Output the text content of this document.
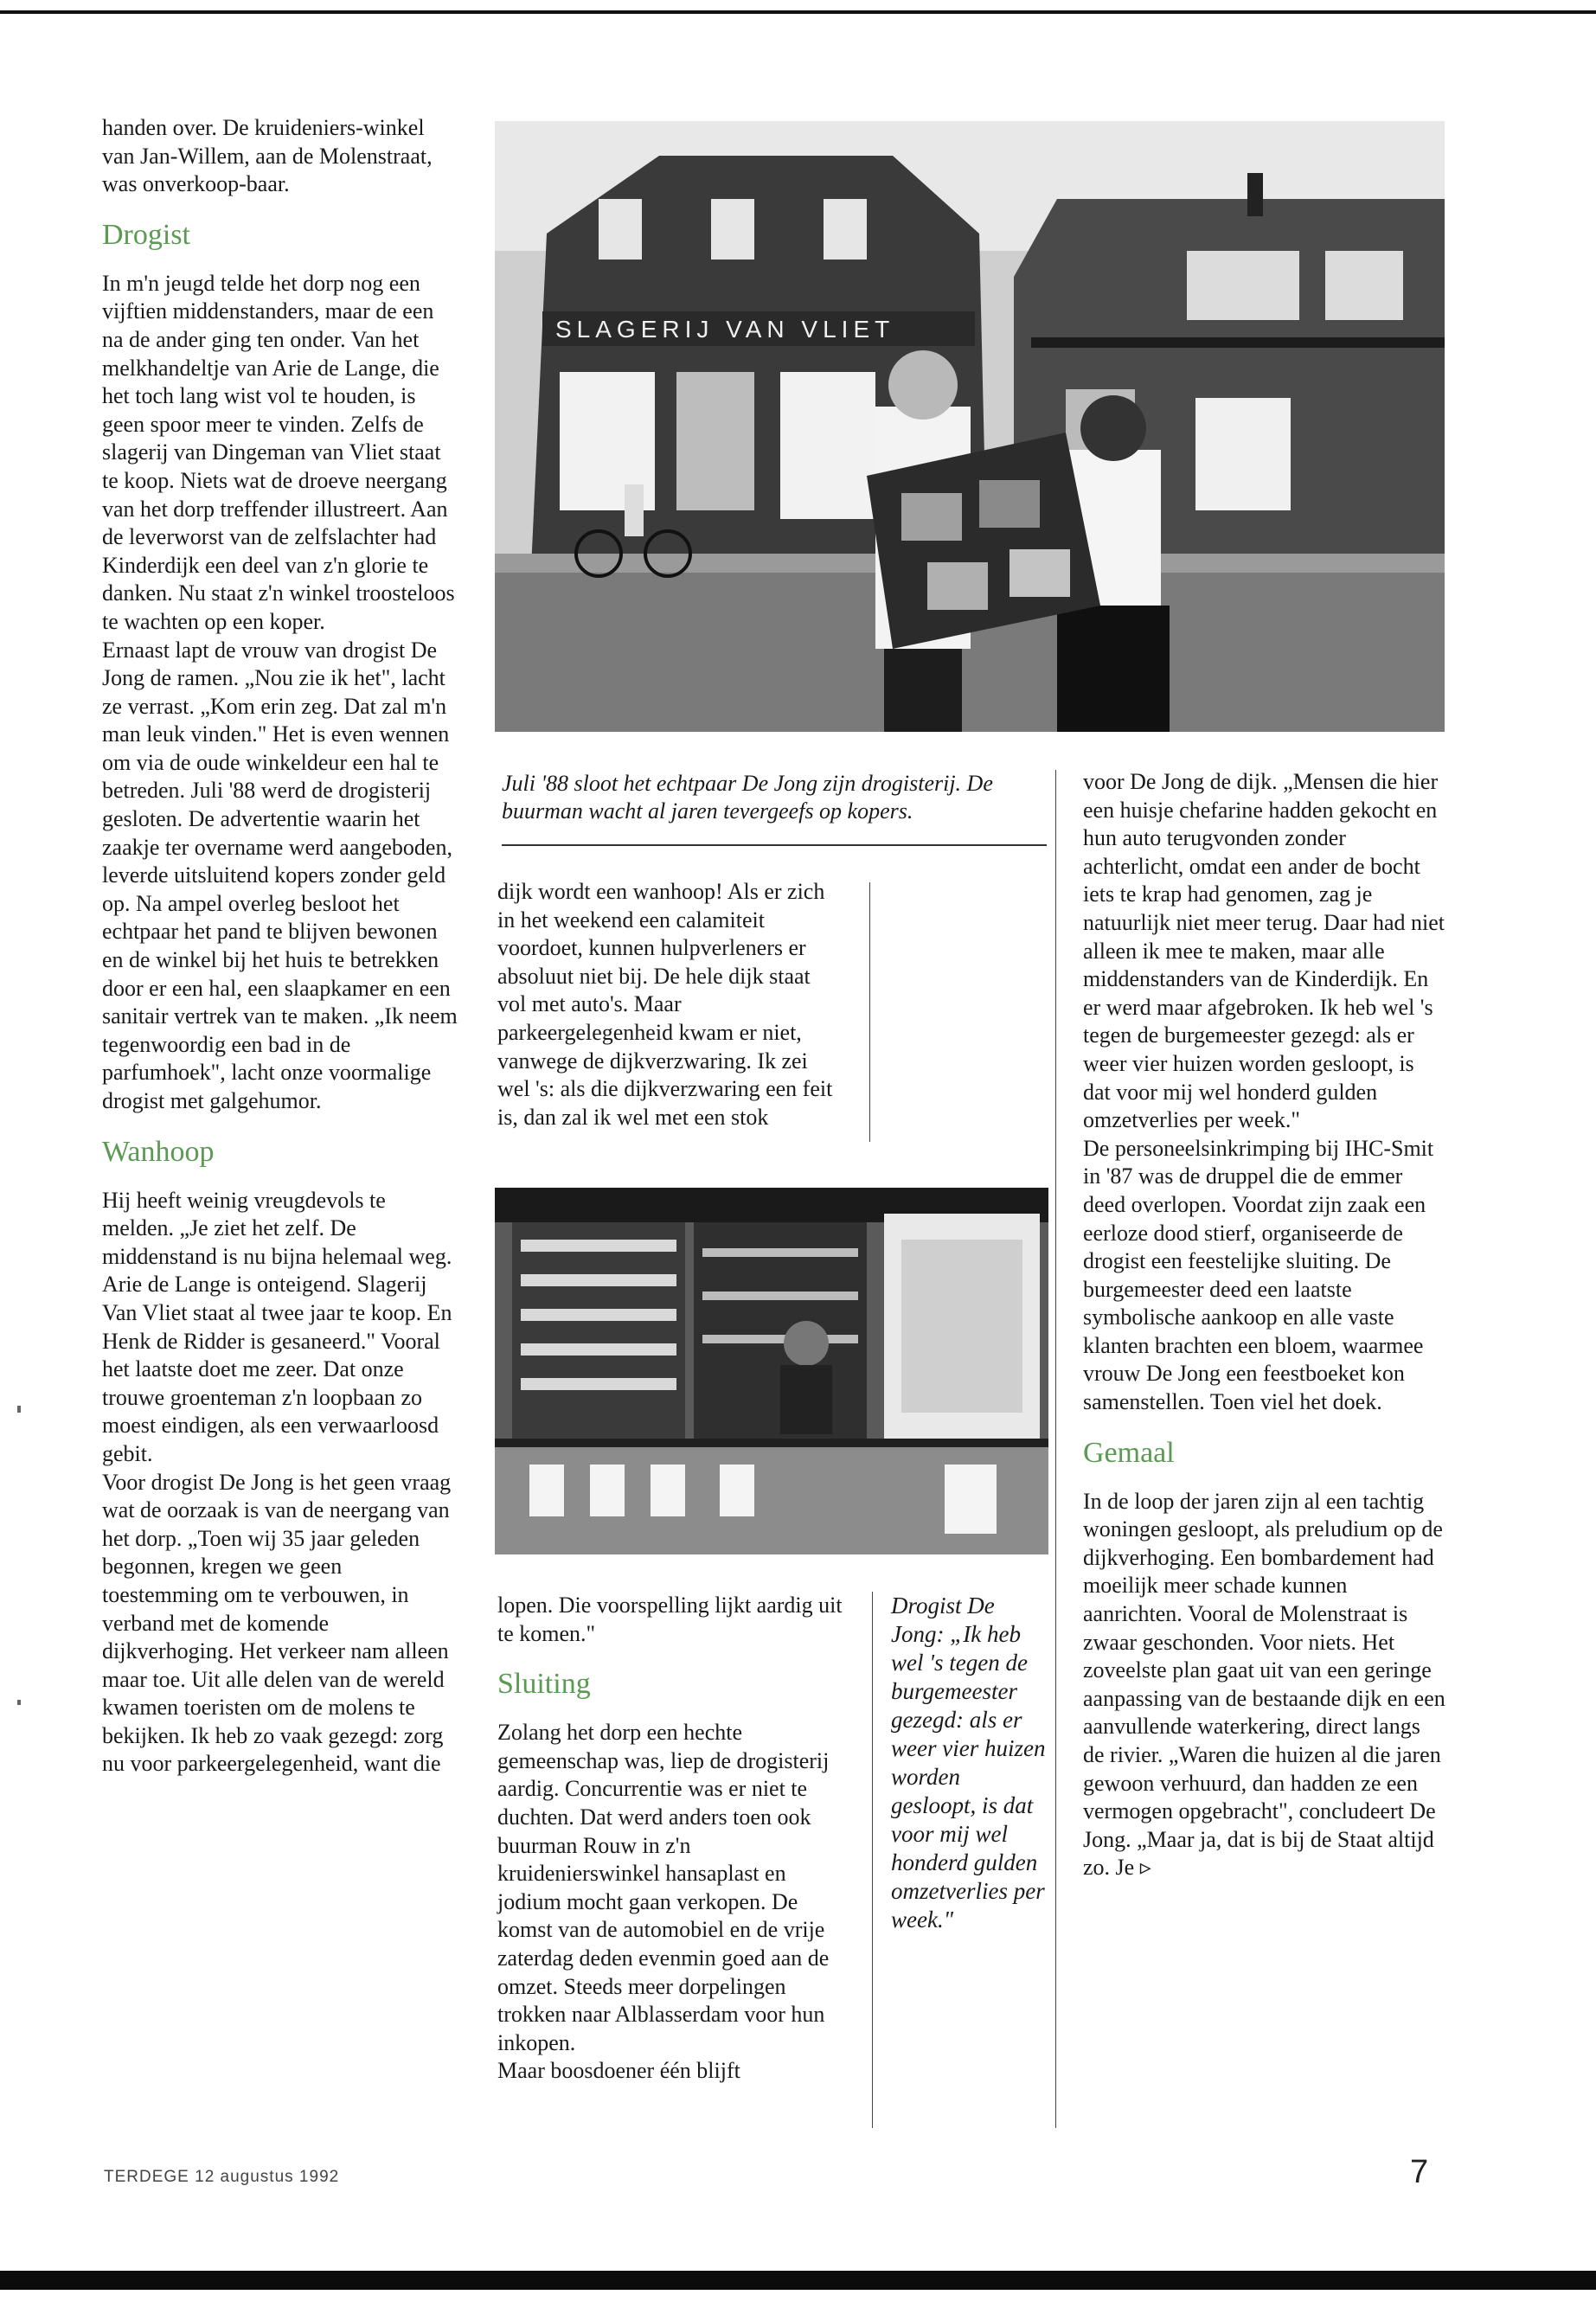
handen over. De kruideniers-winkel van Jan-Willem, aan de Molenstraat, was onverkoop-baar.

Drogist

In m'n jeugd telde het dorp nog een vijftien middenstanders, maar de een na de ander ging ten onder. Van het melkhandeltje van Arie de Lange, die het toch lang wist vol te houden, is geen spoor meer te vinden. Zelfs de slagerij van Dingeman van Vliet staat te koop. Niets wat de droeve neergang van het dorp treffender illustreert. Aan de leverworst van de zelfslachter had Kinderdijk een deel van z'n glorie te danken. Nu staat z'n winkel troosteloos te wachten op een koper.

Ernaast lapt de vrouw van drogist De Jong de ramen. „Nou zie ik het", lacht ze verrast. „Kom erin zeg. Dat zal m'n man leuk vinden." Het is even wennen om via de oude winkeldeur een hal te betreden. Juli '88 werd de drogisterij gesloten. De advertentie waarin het zaakje ter overname werd aangeboden, leverde uitsluitend kopers zonder geld op. Na ampel overleg besloot het echtpaar het pand te blijven bewonen en de winkel bij het huis te betrekken door er een hal, een slaapkamer en een sanitair vertrek van te maken. „Ik neem tegenwoordig een bad in de parfumhoek", lacht onze voormalige drogist met galgehumor.

Wanhoop

Hij heeft weinig vreugdevols te melden. „Je ziet het zelf. De middenstand is nu bijna helemaal weg. Arie de Lange is onteigend. Slagerij Van Vliet staat al twee jaar te koop. En Henk de Ridder is gesaneerd." Vooral het laatste doet me zeer. Dat onze trouwe groenteman z'n loopbaan zo moest eindigen, als een verwaarloosd gebit.

Voor drogist De Jong is het geen vraag wat de oorzaak is van de neergang van het dorp. „Toen wij 35 jaar geleden begonnen, kregen we geen toestemming om te verbouwen, in verband met de komende dijkverhoging. Het verkeer nam alleen maar toe. Uit alle delen van de wereld kwamen toeristen om de molens te bekijken. Ik heb zo vaak gezegd: zorg nu voor parkeergelegenheid, want die

SLAGERIJ VAN VLIET
Juli '88 sloot het echtpaar De Jong zijn drogisterij. De buurman wacht al jaren tevergeefs op kopers.

dijk wordt een wanhoop! Als er zich in het weekend een calamiteit voordoet, kunnen hulpverleners er absoluut niet bij. De hele dijk staat vol met auto's. Maar parkeergelegenheid kwam er niet, vanwege de dijkverzwaring. Ik zei wel 's: als die dijkverzwaring een feit is, dan zal ik wel met een stok

lopen. Die voorspelling lijkt aardig uit te komen."

Sluiting

Zolang het dorp een hechte gemeenschap was, liep de drogisterij aardig. Concurrentie was er niet te duchten. Dat werd anders toen ook buurman Rouw in z'n kruidenierswinkel hansaplast en jodium mocht gaan verkopen. De komst van de automobiel en de vrije zaterdag deden evenmin goed aan de omzet. Steeds meer dorpelingen trokken naar Alblasserdam voor hun inkopen.

Maar boosdoener één blijft

Drogist De Jong: „Ik heb wel 's tegen de burgemeester gezegd: als er weer vier huizen worden gesloopt, is dat voor mij wel honderd gulden omzetverlies per week."

voor De Jong de dijk. „Mensen die hier een huisje chefarine hadden gekocht en hun auto terugvonden zonder achterlicht, omdat een ander de bocht iets te krap had genomen, zag je natuurlijk niet meer terug. Daar had niet alleen ik mee te maken, maar alle middenstanders van de Kinderdijk. En er werd maar afgebroken. Ik heb wel 's tegen de burgemeester gezegd: als er weer vier huizen worden gesloopt, is dat voor mij wel honderd gulden omzetverlies per week."

De personeelsinkrimping bij IHC-Smit in '87 was de druppel die de emmer deed overlopen. Voordat zijn zaak een eerloze dood stierf, organiseerde de drogist een feestelijke sluiting. De burgemeester deed een laatste symbolische aankoop en alle vaste klanten brachten een bloem, waarmee vrouw De Jong een feestboeket kon samenstellen. Toen viel het doek.

Gemaal

In de loop der jaren zijn al een tachtig woningen gesloopt, als preludium op de dijkverhoging. Een bombardement had moeilijk meer schade kunnen aanrichten. Vooral de Molenstraat is zwaar geschonden. Voor niets. Het zoveelste plan gaat uit van een geringe aanpassing van de bestaande dijk en een aanvullende waterkering, direct langs de rivier. „Waren die huizen al die jaren gewoon verhuurd, dan hadden ze een vermogen opgebracht", concludeert De Jong. „Maar ja, dat is bij de Staat altijd zo. Je ▹

TERDEGE 12 augustus 1992	7
